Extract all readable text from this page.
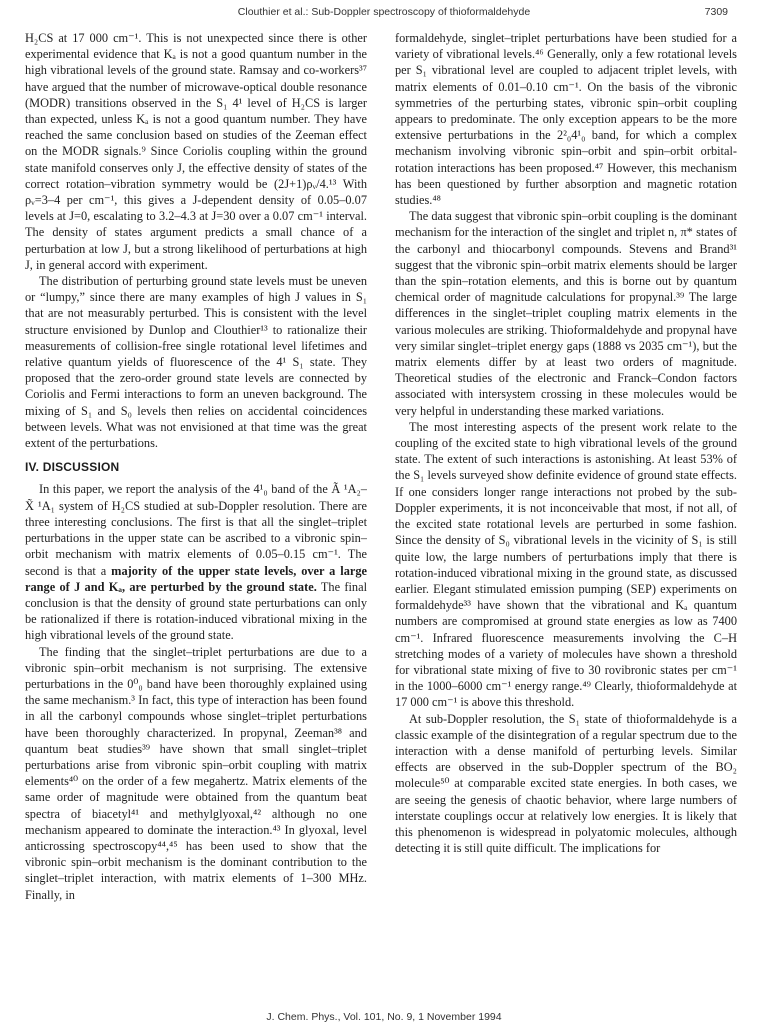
Clouthier et al.: Sub-Doppler spectroscopy of thioformaldehyde	7309

H₂CS at 17 000 cm⁻¹. This is not unexpected since there is other experimental evidence that Kₐ is not a good quantum number in the high vibrational levels of the ground state. Ramsay and co-workers³⁷ have argued that the number of microwave-optical double resonance (MODR) transitions observed in the S₁ 4¹ level of H₂CS is larger than expected, unless Kₐ is not a good quantum number. They have reached the same conclusion based on studies of the Zeeman effect on the MODR signals.⁹ Since Coriolis coupling within the ground state manifold conserves only J, the effective density of states of the correct rotation–vibration symmetry would be (2J+1)ρᵥ/4.¹³ With ρᵥ=3–4 per cm⁻¹, this gives a J-dependent density of 0.05–0.07 levels at J=0, escalating to 3.2–4.3 at J=30 over a 0.07 cm⁻¹ interval. The density of states argument predicts a small chance of a perturbation at low J, but a strong likelihood of perturbations at high J, in general accord with experiment.

The distribution of perturbing ground state levels must be uneven or “lumpy,” since there are many examples of high J values in S₁ that are not measurably perturbed. This is consistent with the level structure envisioned by Dunlop and Clouthier¹³ to rationalize their measurements of collision-free single rotational level lifetimes and relative quantum yields of fluorescence of the 4¹ S₁ state. They proposed that the zero-order ground state levels are connected by Coriolis and Fermi interactions to form an uneven background. The mixing of S₁ and S₀ levels then relies on accidental coincidences between levels. What was not envisioned at that time was the great extent of the perturbations.

IV. DISCUSSION

In this paper, we report the analysis of the 4¹₀ band of the Ã ¹A₂–X̃ ¹A₁ system of H₂CS studied at sub-Doppler resolution. There are three interesting conclusions. The first is that all the singlet–triplet perturbations in the upper state can be ascribed to a vibronic spin–orbit mechanism with matrix elements of 0.05–0.15 cm⁻¹. The second is that a majority of the upper state levels, over a large range of J and Kₐ, are perturbed by the ground state. The final conclusion is that the density of ground state perturbations can only be rationalized if there is rotation-induced vibrational mixing in the high vibrational levels of the ground state.

The finding that the singlet–triplet perturbations are due to a vibronic spin–orbit mechanism is not surprising. The extensive perturbations in the 0⁰₀ band have been thoroughly explained using the same mechanism.³ In fact, this type of interaction has been found in all the carbonyl compounds whose singlet–triplet perturbations have been thoroughly characterized. In propynal, Zeeman³⁸ and quantum beat studies³⁹ have shown that small singlet–triplet perturbations arise from vibronic spin–orbit coupling with matrix elements⁴⁰ on the order of a few megahertz. Matrix elements of the same order of magnitude were obtained from the quantum beat spectra of biacetyl⁴¹ and methylglyoxal,⁴² although no one mechanism appeared to dominate the interaction.⁴³ In glyoxal, level anticrossing spectroscopy⁴⁴,⁴⁵ has been used to show that the vibronic spin–orbit mechanism is the dominant contribution to the singlet–triplet interaction, with matrix elements of 1–300 MHz. Finally, in

formaldehyde, singlet–triplet perturbations have been studied for a variety of vibrational levels.⁴⁶ Generally, only a few rotational levels per S₁ vibrational level are coupled to adjacent triplet levels, with matrix elements of 0.01–0.10 cm⁻¹. On the basis of the vibronic symmetries of the perturbing states, vibronic spin–orbit coupling appears to predominate. The only exception appears to be the more extensive perturbations in the 2²₀4¹₀ band, for which a complex mechanism involving vibronic spin–orbit and spin–orbit orbital-rotation interactions has been proposed.⁴⁷ However, this mechanism has been questioned by further absorption and magnetic rotation studies.⁴⁸

The data suggest that vibronic spin–orbit coupling is the dominant mechanism for the interaction of the singlet and triplet n, π* states of the carbonyl and thiocarbonyl compounds. Stevens and Brand³¹ suggest that the vibronic spin–orbit matrix elements should be larger than the spin–rotation elements, and this is borne out by quantum chemical order of magnitude calculations for propynal.³⁹ The large differences in the singlet–triplet coupling matrix elements in the various molecules are striking. Thioformaldehyde and propynal have very similar singlet–triplet energy gaps (1888 vs 2035 cm⁻¹), but the matrix elements differ by at least two orders of magnitude. Theoretical studies of the electronic and Franck–Condon factors associated with intersystem crossing in these molecules would be very helpful in understanding these marked variations.

The most interesting aspects of the present work relate to the coupling of the excited state to high vibrational levels of the ground state. The extent of such interactions is astonishing. At least 53% of the S₁ levels surveyed show definite evidence of ground state effects. If one considers longer range interactions not probed by the sub-Doppler experiments, it is not inconceivable that most, if not all, of the excited state rotational levels are perturbed in some fashion. Since the density of S₀ vibrational levels in the vicinity of S₁ is still quite low, the large numbers of perturbations imply that there is rotation-induced vibrational mixing in the ground state, as discussed earlier. Elegant stimulated emission pumping (SEP) experiments on formaldehyde³³ have shown that the vibrational and Kₐ quantum numbers are compromised at ground state energies as low as 7400 cm⁻¹. Infrared fluorescence measurements involving the C–H stretching modes of a variety of molecules have shown a threshold for vibrational state mixing of five to 30 rovibronic states per cm⁻¹ in the 1000–6000 cm⁻¹ energy range.⁴⁹ Clearly, thioformaldehyde at 17 000 cm⁻¹ is above this threshold.

At sub-Doppler resolution, the S₁ state of thioformaldehyde is a classic example of the disintegration of a regular spectrum due to the interaction with a dense manifold of perturbing levels. Similar effects are observed in the sub-Doppler spectrum of the BO₂ molecule⁵⁰ at comparable excited state energies. In both cases, we are seeing the genesis of chaotic behavior, where large numbers of interstate couplings occur at relatively low energies. It is likely that this phenomenon is widespread in polyatomic molecules, although detecting it is still quite difficult. The implications for

J. Chem. Phys., Vol. 101, No. 9, 1 November 1994
